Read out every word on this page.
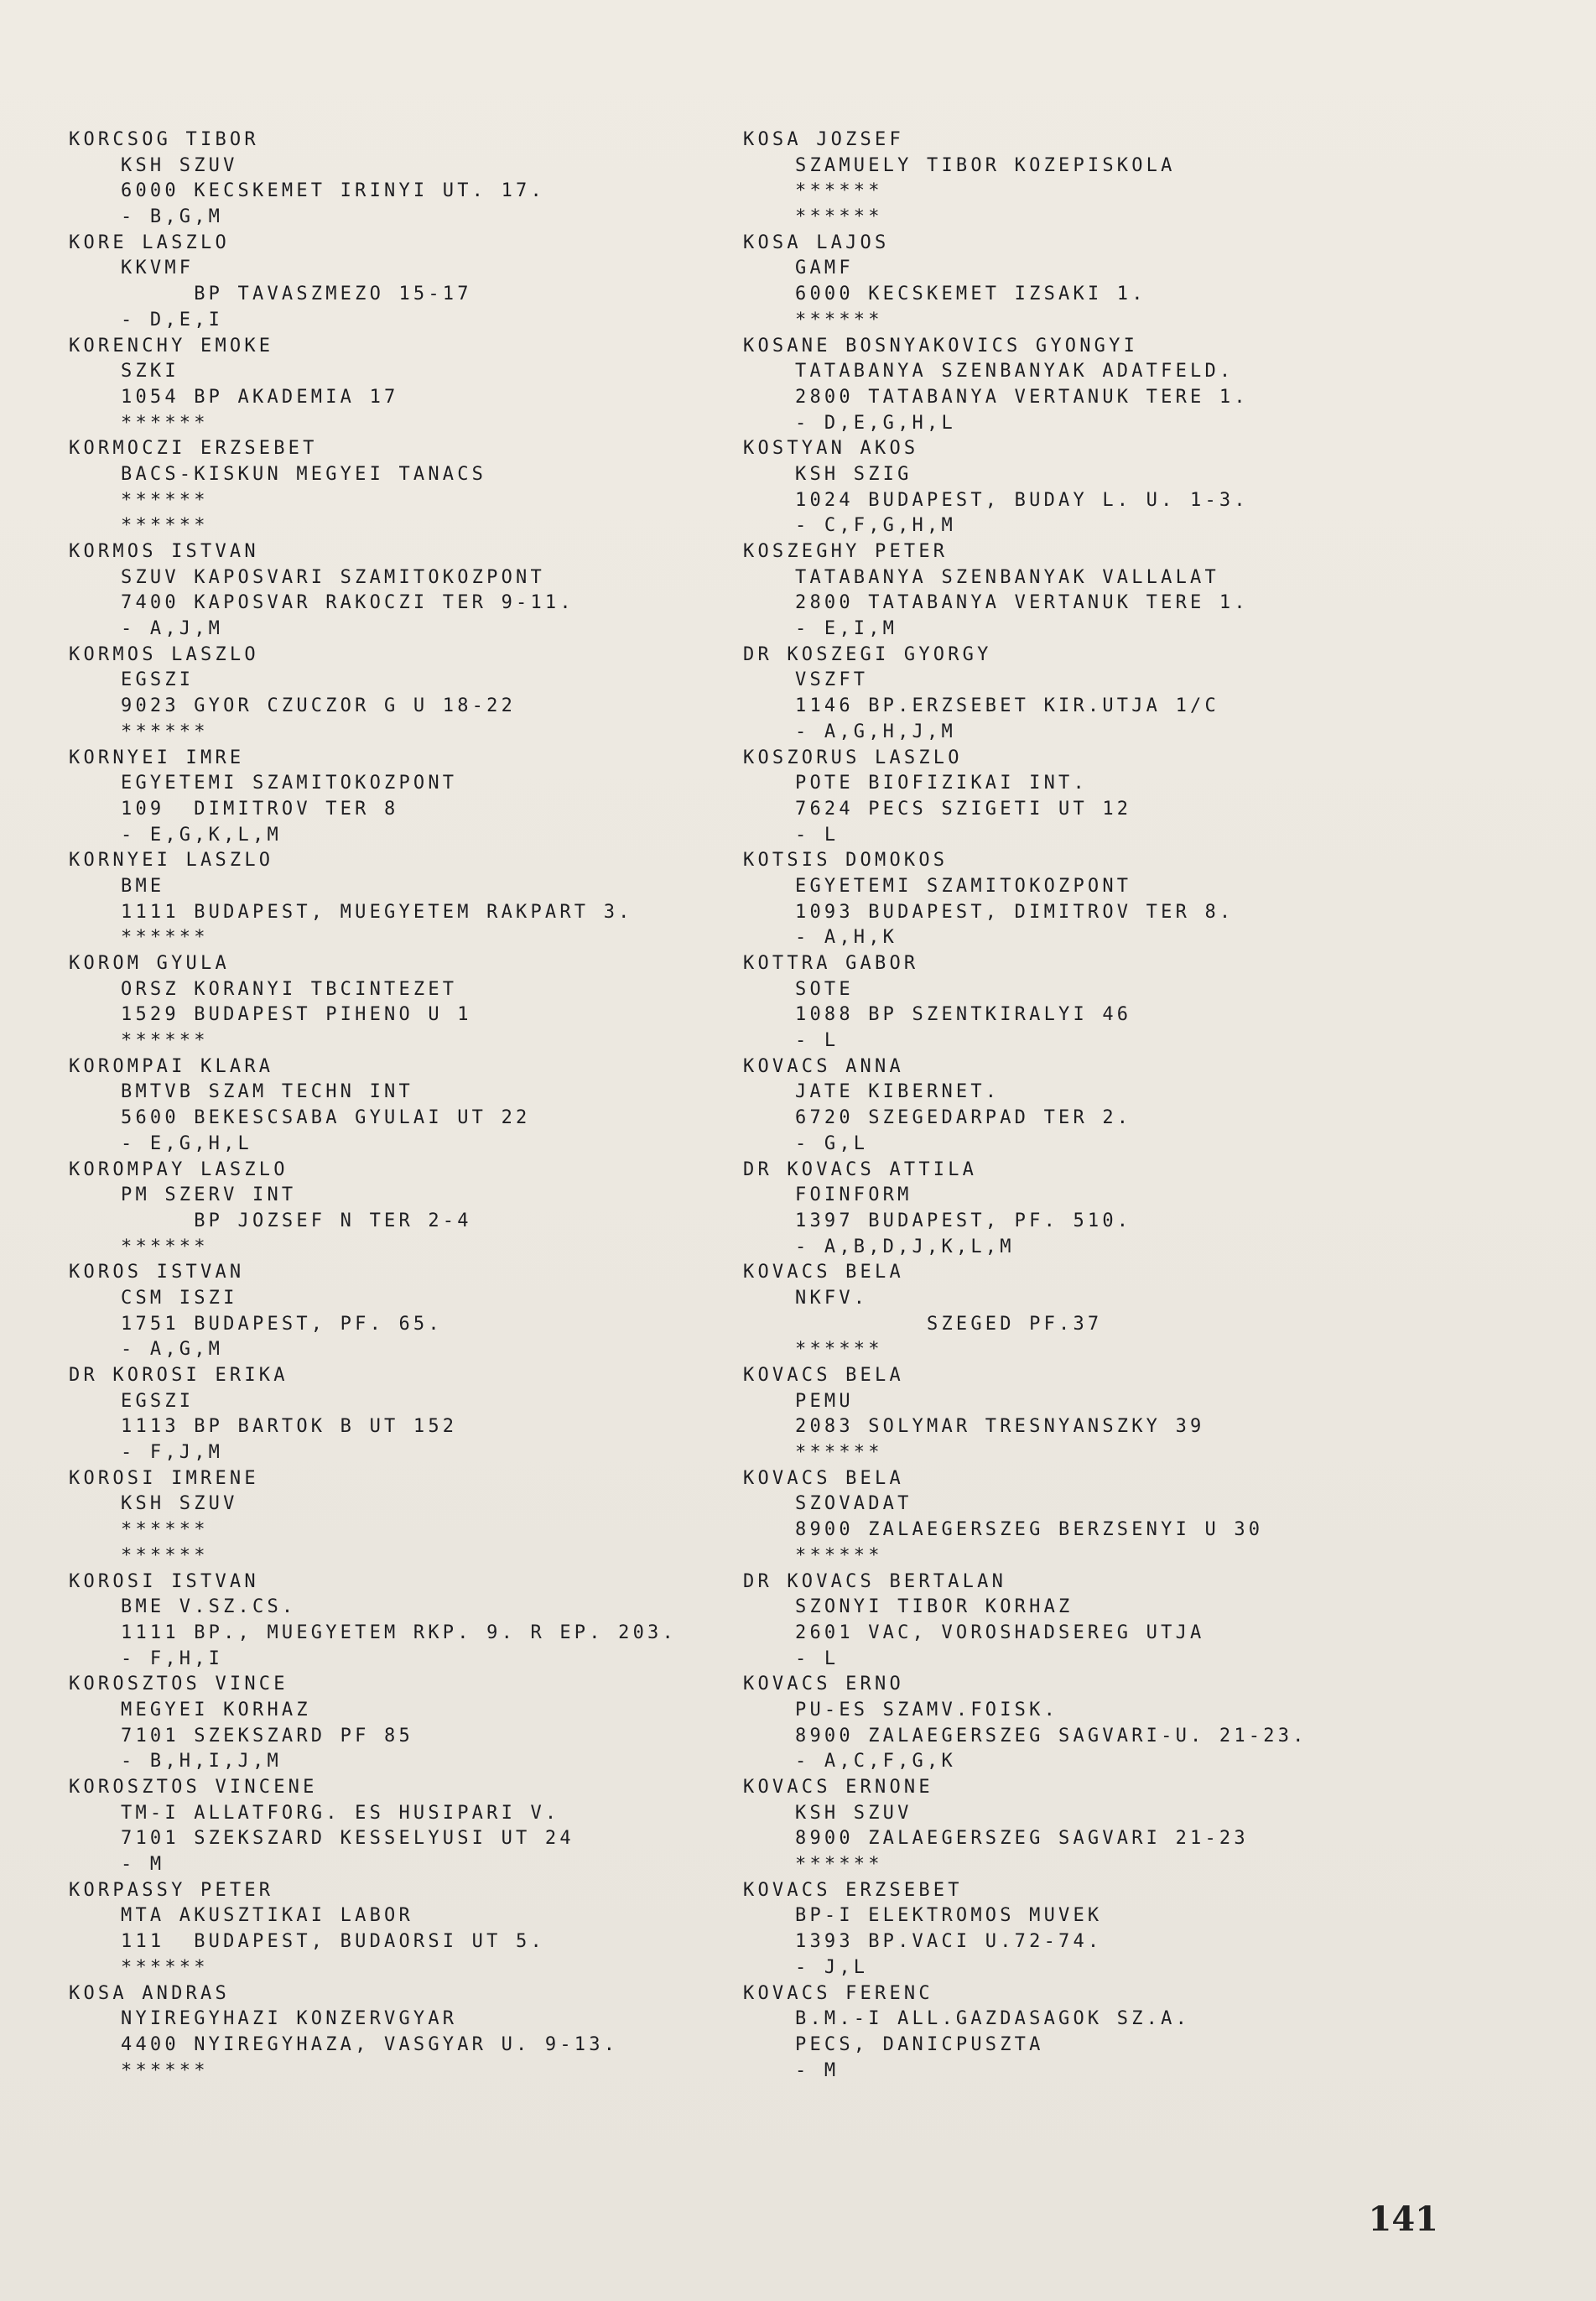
KORCSOG TIBOR
KSH SZUV
6000 KECSKEMET IRINYI UT. 17.
- B,G,M
KORE LASZLO
KKVMF
BP TAVASZMEZO 15-17
- D,E,I
KORENCHY EMOKE
SZKI
1054 BP AKADEMIA 17
******
KORMOCZI ERZSEBET
BACS-KISKUN MEGYEI TANACS
******
******
KORMOS ISTVAN
SZUV KAPOSVARI SZAMITOKOZPONT
7400 KAPOSVAR RAKOCZI TER 9-11.
- A,J,M
KORMOS LASZLO
EGSZI
9023 GYOR CZUCZOR G U 18-22
******
KORNYEI IMRE
EGYETEMI SZAMITOKOZPONT
109  DIMITROV TER 8
- E,G,K,L,M
KORNYEI LASZLO
BME
1111 BUDAPEST, MUEGYETEM RAKPART 3.
******
KOROM GYULA
ORSZ KORANYI TBCINTEZET
1529 BUDAPEST PIHENO U 1
******
KOROMPAI KLARA
BMTVB SZAM TECHN INT
5600 BEKESCSABA GYULAI UT 22
- E,G,H,L
KOROMPAY LASZLO
PM SZERV INT
BP JOZSEF N TER 2-4
******
KOROS ISTVAN
CSM ISZI
1751 BUDAPEST, PF. 65.
- A,G,M
DR KOROSI ERIKA
EGSZI
1113 BP BARTOK B UT 152
- F,J,M
KOROSI IMRENE
KSH SZUV
******
******
KOROSI ISTVAN
BME V.SZ.CS.
1111 BP., MUEGYETEM RKP. 9. R EP. 203.
- F,H,I
KOROSZTOS VINCE
MEGYEI KORHAZ
7101 SZEKSZARD PF 85
- B,H,I,J,M
KOROSZTOS VINCENE
TM-I ALLATFORG. ES HUSIPARI V.
7101 SZEKSZARD KESSELYUSI UT 24
- M
KORPASSY PETER
MTA AKUSZTIKAI LABOR
111  BUDAPEST, BUDAORSI UT 5.
******
KOSA ANDRAS
NYIREGYHAZI KONZERVGYAR
4400 NYIREGYHAZA, VASGYAR U. 9-13.
******
KOSA JOZSEF
SZAMUELY TIBOR KOZEPISKOLA
******
******
KOSA LAJOS
GAMF
6000 KECSKEMET IZSAKI 1.
******
KOSANE BOSNYAKOVICS GYONGYI
TATABANYA SZENBANYAK ADATFELD.
2800 TATABANYA VERTANUK TERE 1.
- D,E,G,H,L
KOSTYAN AKOS
KSH SZIG
1024 BUDAPEST, BUDAY L. U. 1-3.
- C,F,G,H,M
KOSZEGHY PETER
TATABANYA SZENBANYAK VALLALAT
2800 TATABANYA VERTANUK TERE 1.
- E,I,M
DR KOSZEGI GYORGY
VSZFT
1146 BP.ERZSEBET KIR.UTJA 1/C
- A,G,H,J,M
KOSZORUS LASZLO
POTE BIOFIZIKAI INT.
7624 PECS SZIGETI UT 12
- L
KOTSIS DOMOKOS
EGYETEMI SZAMITOKOZPONT
1093 BUDAPEST, DIMITROV TER 8.
- A,H,K
KOTTRA GABOR
SOTE
1088 BP SZENTKIRALYI 46
- L
KOVACS ANNA
JATE KIBERNET.
6720 SZEGEDARPAD TER 2.
- G,L
DR KOVACS ATTILA
FOINFORM
1397 BUDAPEST, PF. 510.
- A,B,D,J,K,L,M
KOVACS BELA
NKFV.
SZEGED PF.37
******
KOVACS BELA
PEMU
2083 SOLYMAR TRESNYANSZKY 39
******
KOVACS BELA
SZOVADAT
8900 ZALAEGERSZEG BERZSENYI U 30
******
DR KOVACS BERTALAN
SZONYI TIBOR KORHAZ
2601 VAC, VOROSHADSEREG UTJA
- L
KOVACS ERNO
PU-ES SZAMV.FOISK.
8900 ZALAEGERSZEG SAGVARI-U. 21-23.
- A,C,F,G,K
KOVACS ERNONE
KSH SZUV
8900 ZALAEGERSZEG SAGVARI 21-23
******
KOVACS ERZSEBET
BP-I ELEKTROMOS MUVEK
1393 BP.VACI U.72-74.
- J,L
KOVACS FERENC
B.M.-I ALL.GAZDASAGOK SZ.A.
PECS, DANICPUSZTA
- M
141
